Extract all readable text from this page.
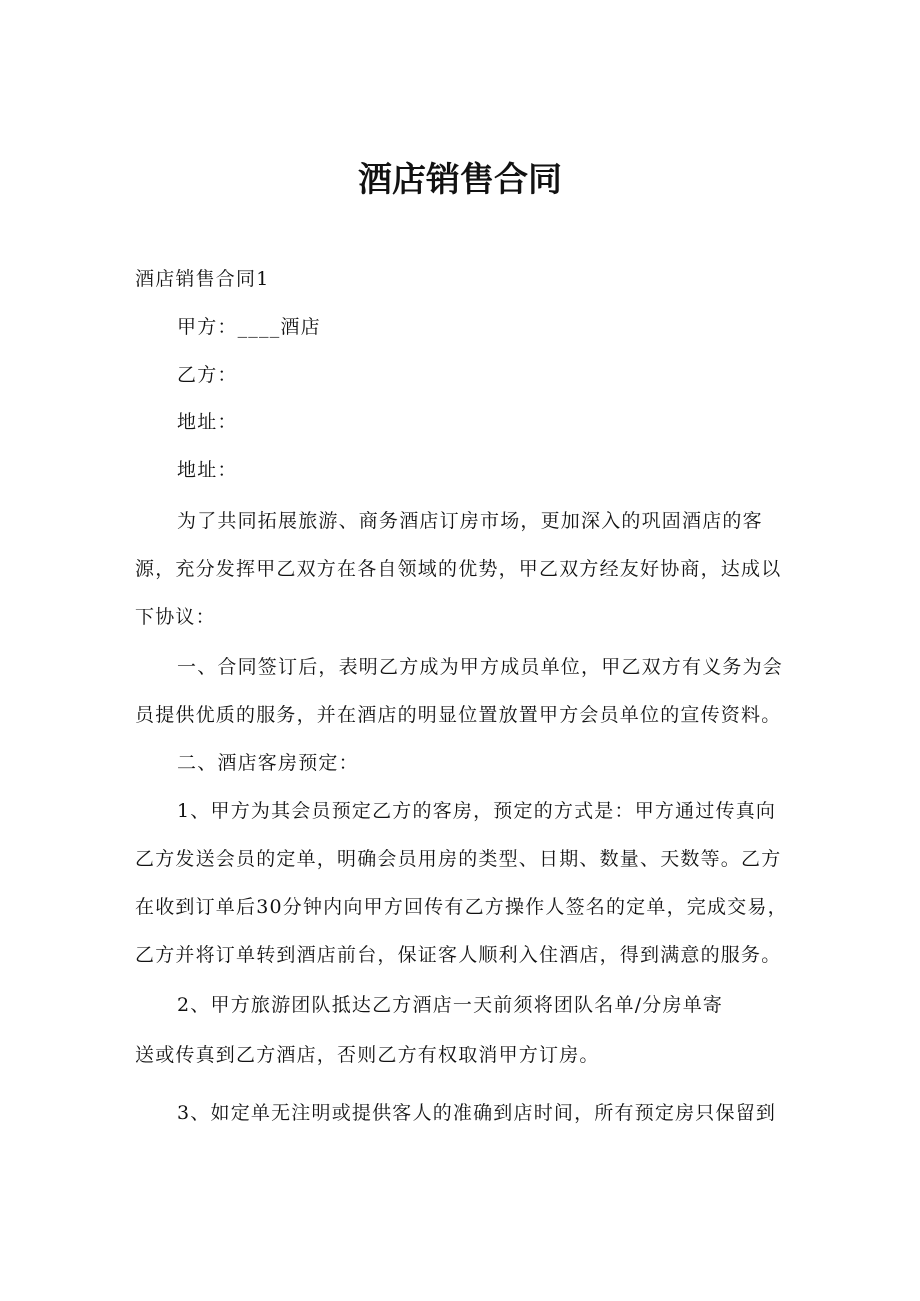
酒店销售合同
酒店销售合同1
甲方：____酒店
乙方：
地址：
地址：
为了共同拓展旅游、商务酒店订房市场，更加深入的巩固酒店的客
源，充分发挥甲乙双方在各自领域的优势，甲乙双方经友好协商，达成以
下协议：
一、合同签订后，表明乙方成为甲方成员单位，甲乙双方有义务为会
员提供优质的服务，并在酒店的明显位置放置甲方会员单位的宣传资料。
二、酒店客房预定：
1、甲方为其会员预定乙方的客房，预定的方式是：甲方通过传真向
乙方发送会员的定单，明确会员用房的类型、日期、数量、天数等。乙方
在收到订单后30分钟内向甲方回传有乙方操作人签名的定单，完成交易，
乙方并将订单转到酒店前台，保证客人顺利入住酒店，得到满意的服务。
2、甲方旅游团队抵达乙方酒店一天前须将团队名单/分房单寄
送或传真到乙方酒店，否则乙方有权取消甲方订房。
3、如定单无注明或提供客人的准确到店时间，所有预定房只保留到
